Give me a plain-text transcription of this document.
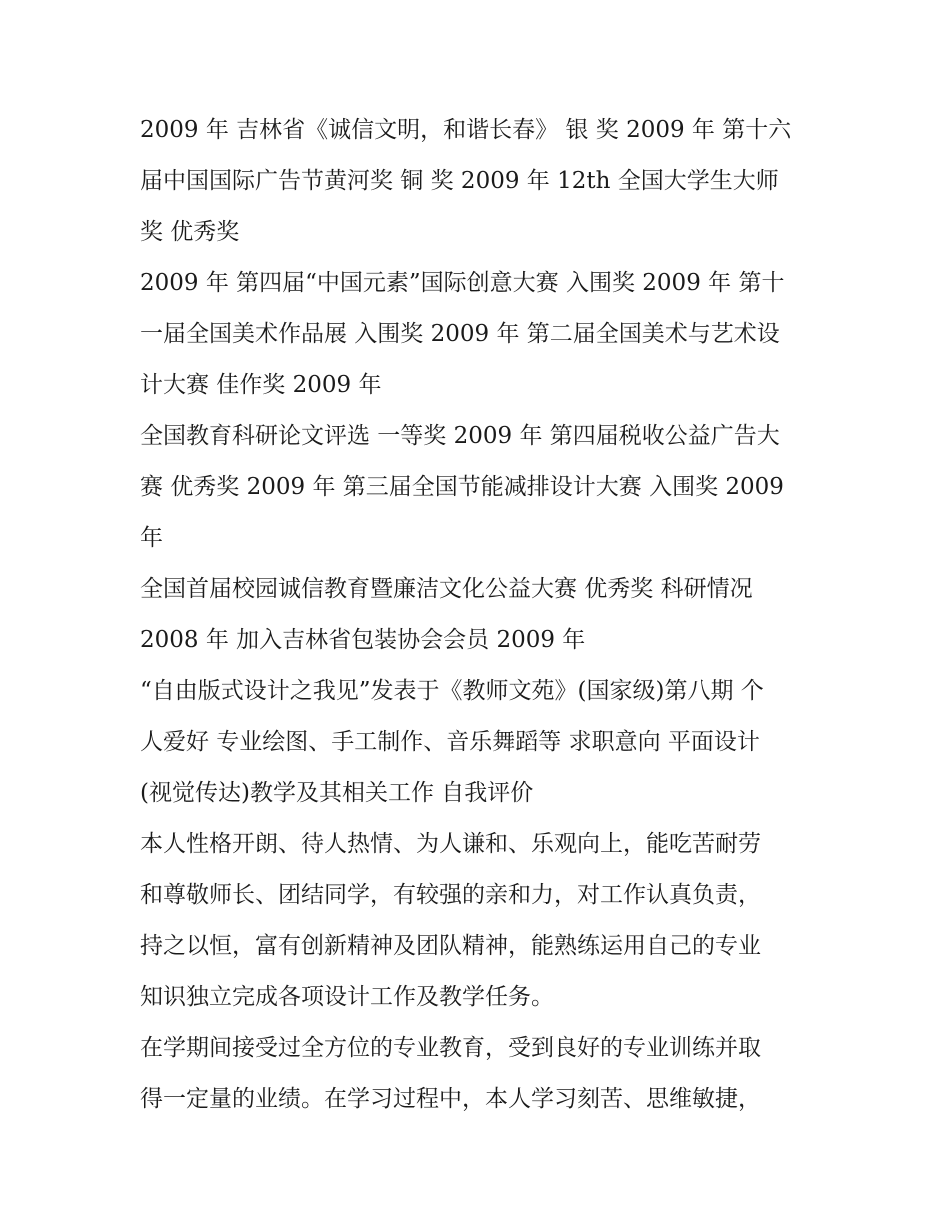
2009 年 吉林省《诚信文明，和谐长春》 银 奖 2009 年 第十六
届中国国际广告节黄河奖 铜 奖 2009 年 12th 全国大学生大师
奖 优秀奖

2009 年 第四届“中国元素”国际创意大赛 入围奖 2009 年 第十
一届全国美术作品展 入围奖 2009 年 第二届全国美术与艺术设
计大赛 佳作奖 2009 年

全国教育科研论文评选 一等奖 2009 年 第四届税收公益广告大
赛 优秀奖 2009 年 第三届全国节能减排设计大赛 入围奖 2009
年

全国首届校园诚信教育暨廉洁文化公益大赛 优秀奖 科研情况
2008 年 加入吉林省包装协会会员 2009 年

“自由版式设计之我见”发表于《教师文苑》(国家级)第八期 个
人爱好 专业绘图、手工制作、音乐舞蹈等 求职意向 平面设计
(视觉传达)教学及其相关工作 自我评价

本人性格开朗、待人热情、为人谦和、乐观向上，能吃苦耐劳
和尊敬师长、团结同学，有较强的亲和力，对工作认真负责，
持之以恒，富有创新精神及团队精神，能熟练运用自己的专业
知识独立完成各项设计工作及教学任务。

在学期间接受过全方位的专业教育，受到良好的专业训练并取
得一定量的业绩。在学习过程中，本人学习刻苦、思维敏捷，
